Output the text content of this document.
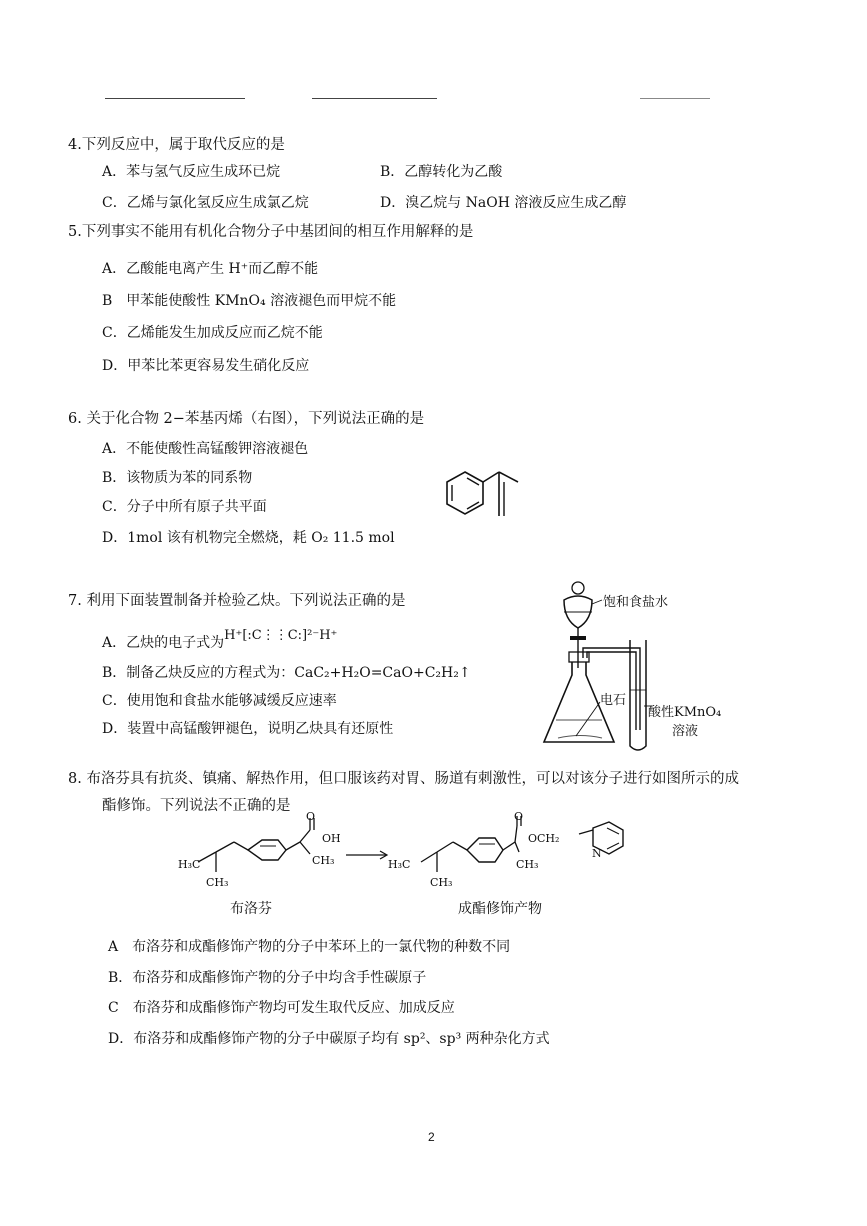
4.下列反应中，属于取代反应的是
A．苯与氢气反应生成环已烷	B．乙醇转化为乙酸
C．乙烯与氯化氢反应生成氯乙烷	D．溴乙烷与 NaOH 溶液反应生成乙醇
5.下列事实不能用有机化合物分子中基团间的相互作用解释的是
A．乙酸能电离产生 H⁺而乙醇不能
B　甲苯能使酸性 KMnO₄ 溶液褪色而甲烷不能
C．乙烯能发生加成反应而乙烷不能
D．甲苯比苯更容易发生硝化反应
6. 关于化合物 2−苯基丙烯（右图），下列说法正确的是
A．不能使酸性高锰酸钾溶液褪色
B．该物质为苯的同系物
C．分子中所有原子共平面
D．1mol 该有机物完全燃烧，耗 O₂ 11.5 mol
7. 利用下面装置制备并检验乙炔。下列说法正确的是
A．乙炔的电子式为H⁺[:C⋮⋮C:]²⁻H⁺
B．制备乙炔反应的方程式为：CaC₂+H₂O=CaO+C₂H₂↑
C．使用饱和食盐水能够减缓反应速率
D．装置中高锰酸钾褪色，说明乙炔具有还原性
饱和食盐水
电石
酸性KMnO₄
溶液
8. 布洛芬具有抗炎、镇痛、解热作用，但口服该药对胃、肠道有刺激性，可以对该分子进行如图所示的成
酯修饰。下列说法不正确的是
H₃C
CH₃
O
OH
CH₃ →
H₃C
CH₃
O
OCH₂
CH₃
N
布洛芬	成酯修饰产物
A　布洛芬和成酯修饰产物的分子中苯环上的一氯代物的种数不同
B．布洛芬和成酯修饰产物的分子中均含手性碳原子
C　布洛芬和成酯修饰产物均可发生取代反应、加成反应
D．布洛芬和成酯修饰产物的分子中碳原子均有 sp²、sp³ 两种杂化方式
2
